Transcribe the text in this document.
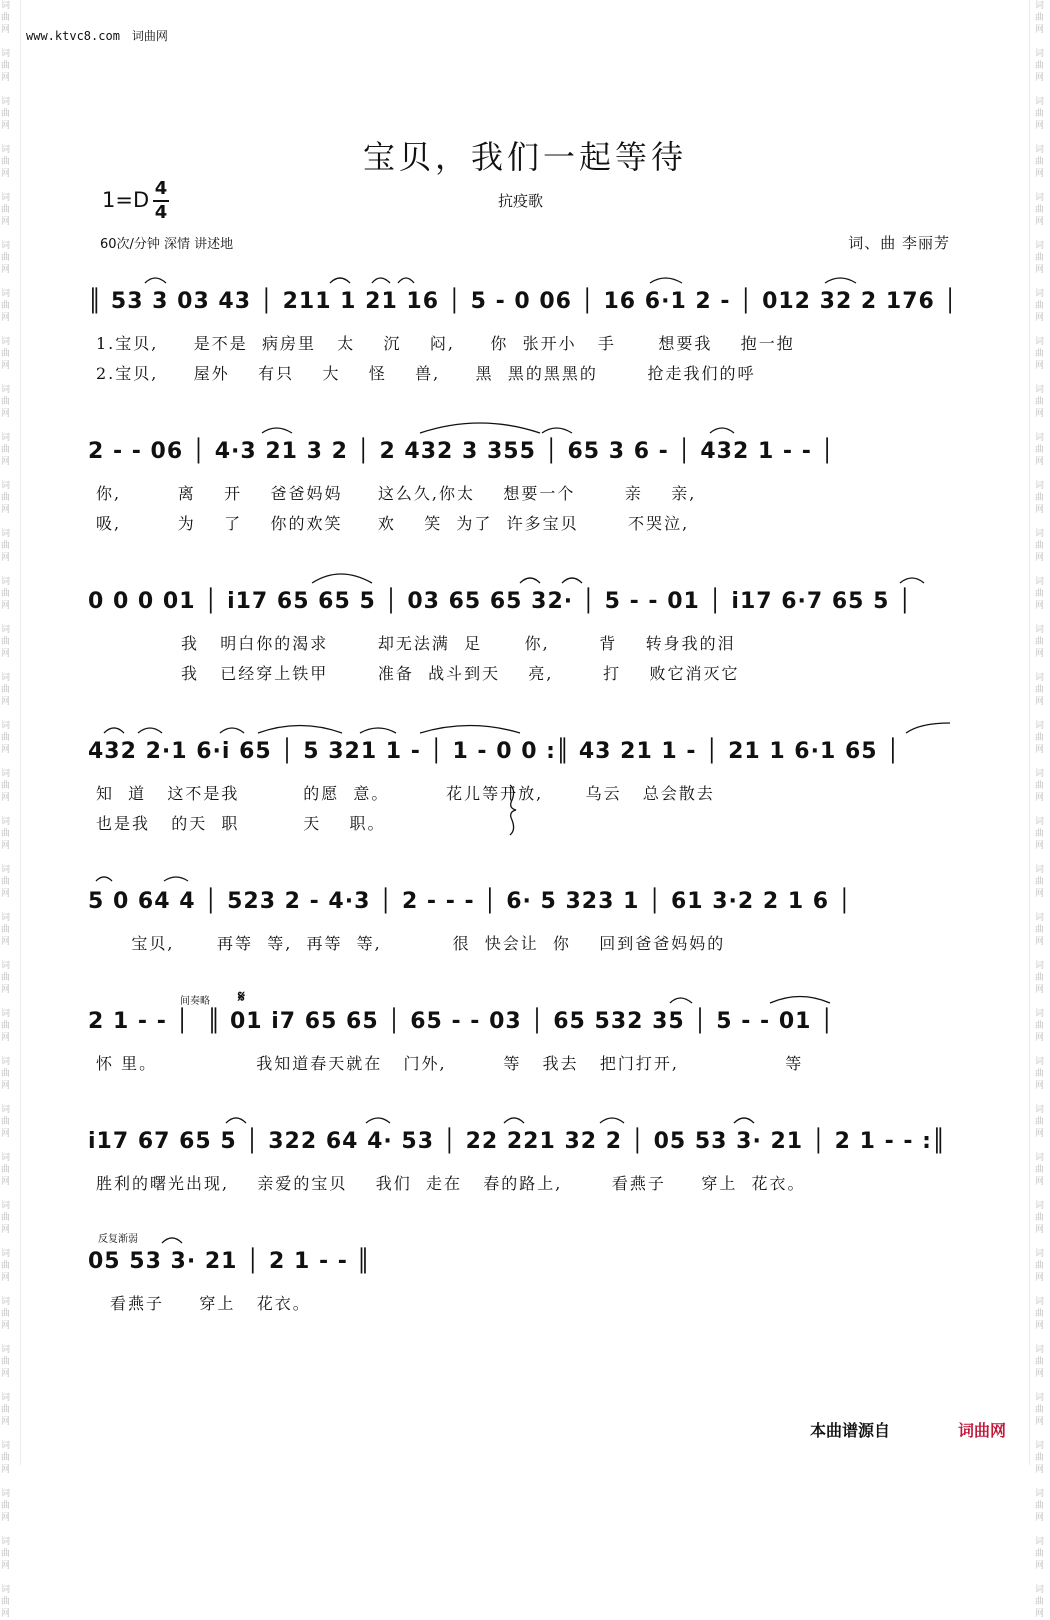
词
曲
网

词
曲
网

词
曲
网

词
曲
网

词
曲
网

词
曲
网

词
曲
网

词
曲
网

词
曲
网

词
曲
网

词
曲
网

词
曲
网

词
曲
网

词
曲
网

词
曲
网

词
曲
网

词
曲
网

词
曲
网

词
曲
网

词
曲
网

词
曲
网

词
曲
网

词
曲
网

词
曲
网

词
曲
网

词
曲
网

词
曲
网

词
曲
网

词
曲
网

词
曲
网

词
曲
网

词
曲
网

词
曲
网

词
曲
网

词
曲
网

词
曲
网

词
曲
网

词
曲
网

词
曲
网

词
曲
网

词
曲
网

词
曲
网

词
曲
网

词
曲
网

词
曲
网

词
曲
网

词
曲
网

词
曲
网

词
曲
网

词
曲
网

词
曲
网

词
曲
网

词
曲
网

词
曲
网

词
曲
网

词
曲
网

词
曲
网

词
曲
网

词
曲
网

词
曲
网

词
曲
网

词
曲
网

词
曲
网

词
曲
网

词
曲
网

词
曲
网

词
曲
网

词
曲
网

www.ktvc8.com　词曲网
宝贝，我们一起等待
1=D 4
4
抗疫歌
60次/分钟 深情 讲述地	词、曲 李丽芳
║ 53 3 03 43 │ 211 1 21 16 │ 5 - 0 06 │ 16 6·1 2 - │ 012 32 2 176 │
1.宝贝,     是不是  病房里   太    沉    闷,     你  张开小   手      想要我    抱一抱
2.宝贝,     屋外    有只    大    怪    兽,     黑  黑的黑黑的       抢走我们的呼
2 - - 06 │ 4·3 21 3 2 │ 2 432 3 355 │ 65 3 6 - │ 432 1 - - │
你,        离    开    爸爸妈妈     这么久,你太    想要一个       亲    亲,
吸,        为    了    你的欢笑     欢    笑  为了  许多宝贝       不哭泣,
0 0 0 01 │ i17 65 65 5 │ 03 65 65 32· │ 5 - - 01 │ i17 6·7 65 5 │
我   明白你的渴求       却无法满  足      你,       背    转身我的泪
我   已经穿上铁甲       准备  战斗到天    亮,       打    败它消灭它
432 2·1 6·i 65 │ 5 321 1 - │ 1 - 0 0 :║ 43 21 1 - │ 21 1 6·1 65 │
知  道   这不是我         的愿  意。        花儿等开放,      乌云   总会散去
也是我   的天  职         天    职。
5 0 64 4 │ 523 2 - 4·3 │ 2 - - - │ 6· 5 323 1 │ 61 3·2 2 1 6 │
宝贝,      再等  等,  再等  等,          很  快会让  你    回到爸爸妈妈的
间奏略 𝄋
2 1 - - │  ║ 01 i7 65 65 │ 65 - - 03 │ 65 532 35 │ 5 - - 01 │
怀 里。              我知道春天就在   门外,        等   我去   把门打开,               等
i17 67 65 5 │ 322 64 4· 53 │ 22 221 32 2 │ 05 53 3· 21 │ 2 1 - - :║
胜利的曙光出现,    亲爱的宝贝    我们  走在   春的路上,       看燕子     穿上  花衣。
反复渐弱
05 53 3· 21 │ 2 1 - - ║
看燕子     穿上   花衣。
本曲谱源自	词曲网
